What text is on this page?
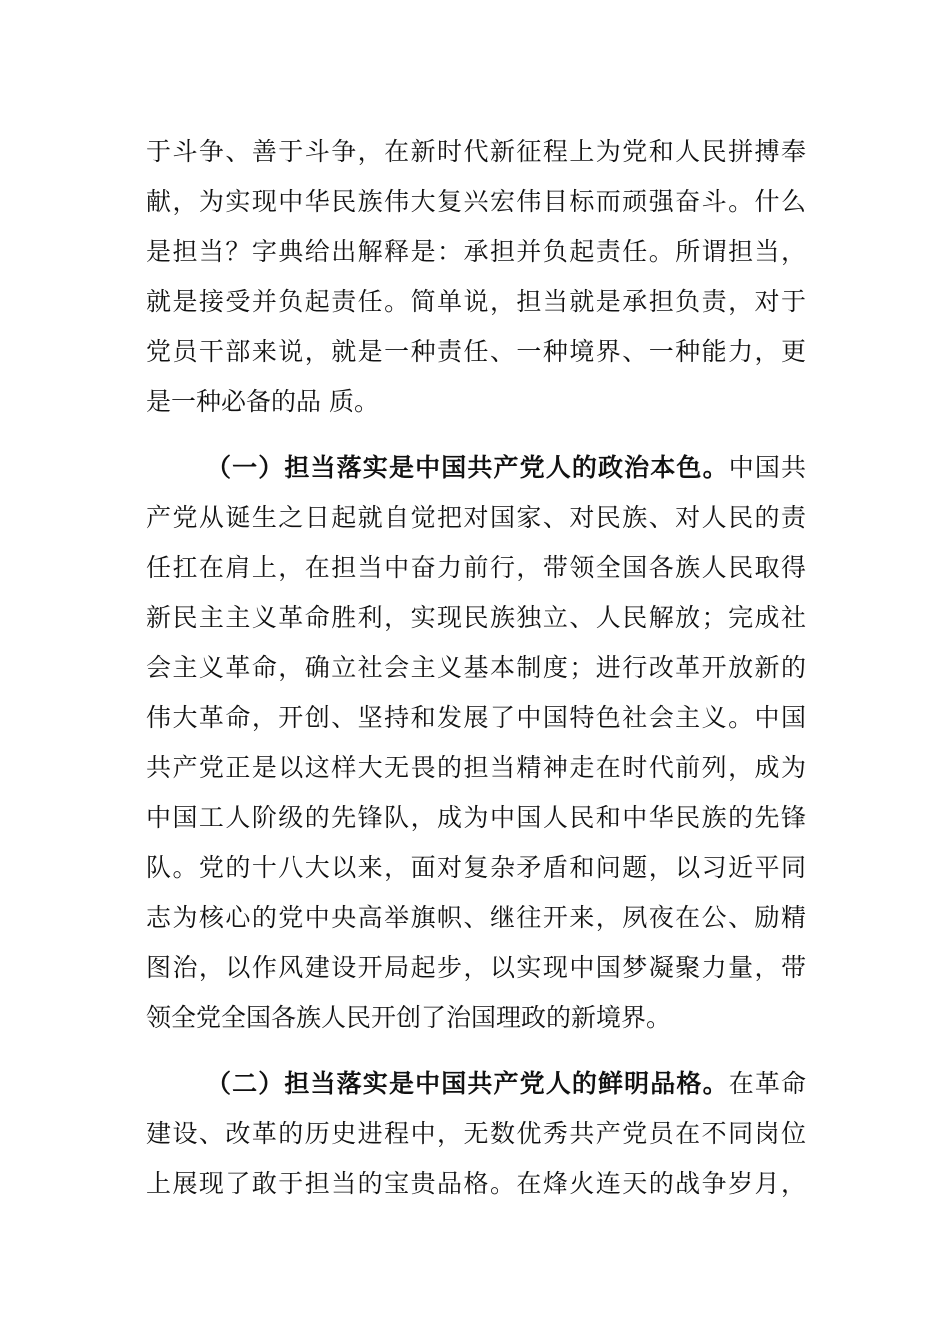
于斗争、善于斗争，在新时代新征程上为党和人民拼搏奉
献，为实现中华民族伟大复兴宏伟目标而顽强奋斗。什么
是担当？字典给出解释是：承担并负起责任。所谓担当，
就是接受并负起责任。简单说，担当就是承担负责，对于
党员干部来说，就是一种责任、一种境界、一种能力，更
是一种必备的品 质。
（一）担当落实是中国共产党人的政治本色。中国共
产党从诞生之日起就自觉把对国家、对民族、对人民的责
任扛在肩上，在担当中奋力前行，带领全国各族人民取得
新民主主义革命胜利，实现民族独立、人民解放；完成社
会主义革命，确立社会主义基本制度；进行改革开放新的
伟大革命，开创、坚持和发展了中国特色社会主义。中国
共产党正是以这样大无畏的担当精神走在时代前列，成为
中国工人阶级的先锋队，成为中国人民和中华民族的先锋
队。党的十八大以来，面对复杂矛盾和问题，以习近平同
志为核心的党中央高举旗帜、继往开来，夙夜在公、励精
图治，以作风建设开局起步，以实现中国梦凝聚力量，带
领全党全国各族人民开创了治国理政的新境界。
（二）担当落实是中国共产党人的鲜明品格。在革命
建设、改革的历史进程中，无数优秀共产党员在不同岗位
上展现了敢于担当的宝贵品格。在烽火连天的战争岁月，
